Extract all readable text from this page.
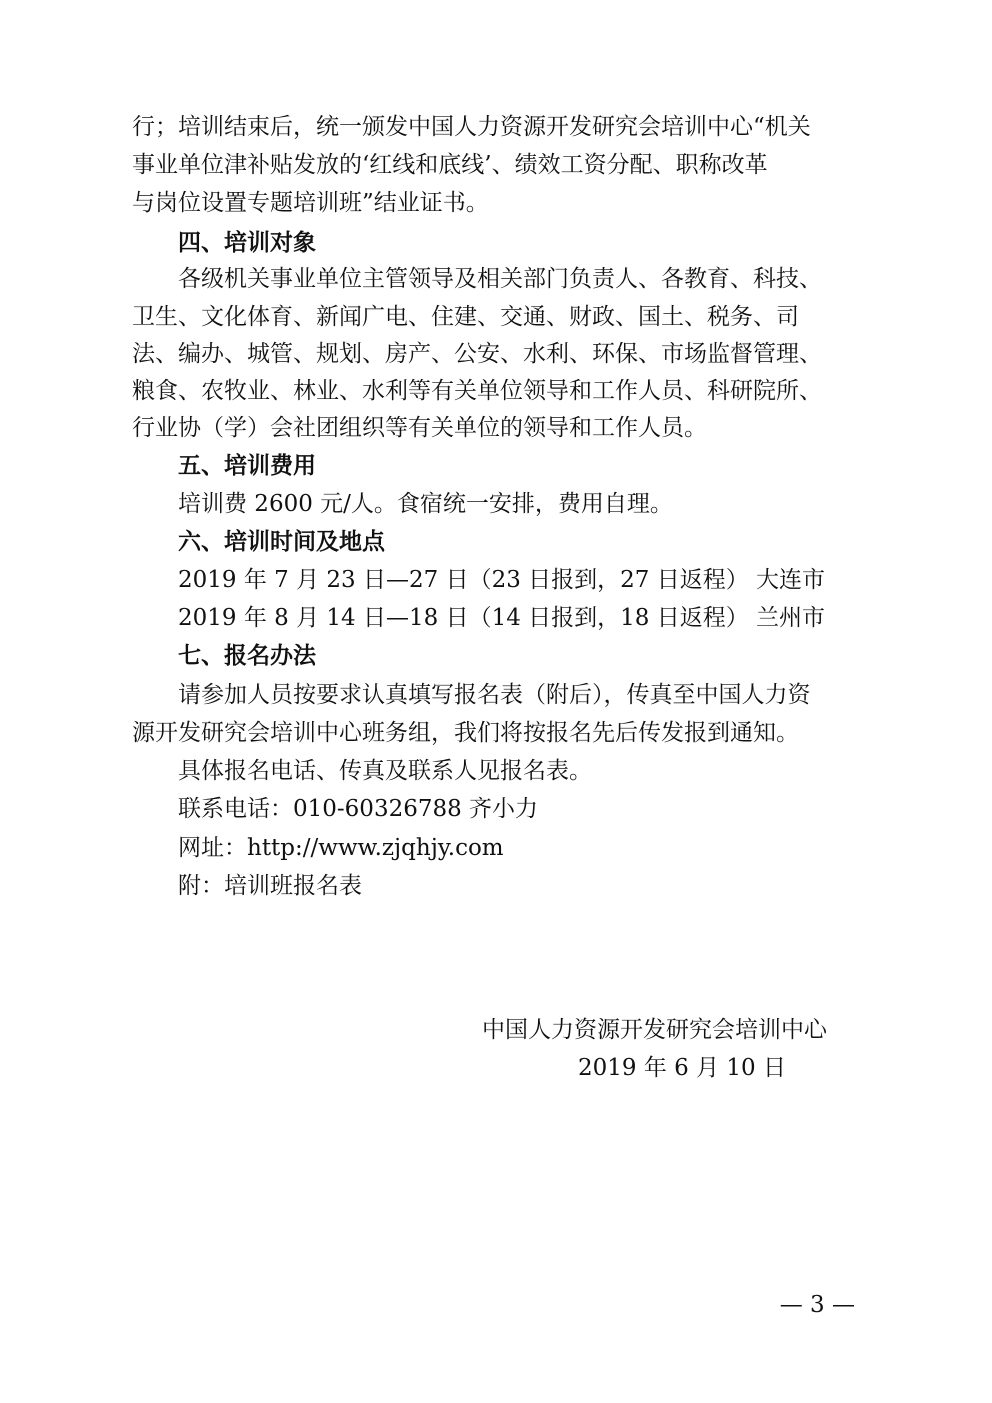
行；培训结束后，统一颁发中国人力资源开发研究会培训中心“机关
事业单位津补贴发放的‘红线和底线’、绩效工资分配、职称改革
与岗位设置专题培训班”结业证书。
四、培训对象
各级机关事业单位主管领导及相关部门负责人、各教育、科技、
卫生、文化体育、新闻广电、住建、交通、财政、国土、税务、司
法、编办、城管、规划、房产、公安、水利、环保、市场监督管理、
粮食、农牧业、林业、水利等有关单位领导和工作人员、科研院所、
行业协（学）会社团组织等有关单位的领导和工作人员。
五、培训费用
培训费 2600 元/人。食宿统一安排，费用自理。
六、培训时间及地点
2019 年 7 月 23 日—27 日（23 日报到，27 日返程） 大连市
2019 年 8 月 14 日—18 日（14 日报到，18 日返程） 兰州市
七、报名办法
请参加人员按要求认真填写报名表（附后），传真至中国人力资
源开发研究会培训中心班务组，我们将按报名先后传发报到通知。
具体报名电话、传真及联系人见报名表。
联系电话：010-60326788 齐小力
网址：http://www.zjqhjy.com
附：培训班报名表
中国人力资源开发研究会培训中心
2019 年 6 月 10 日
— 3 —
